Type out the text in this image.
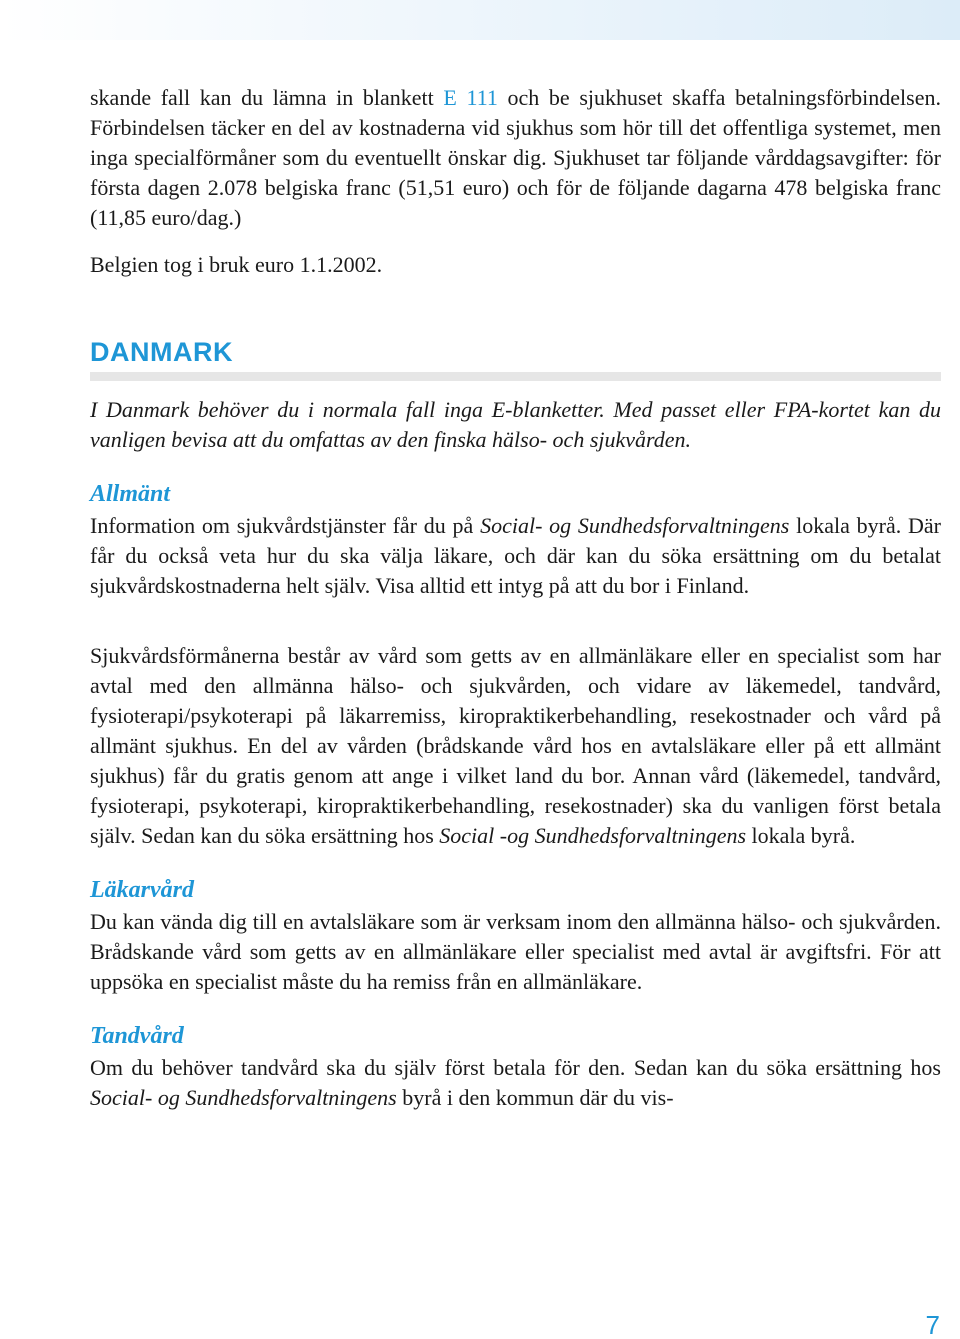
skande fall kan du lämna in blankett E 111 och be sjukhuset skaffa betalningsförbindelsen. Förbindelsen täcker en del av kostnaderna vid sjukhus som hör till det offentliga systemet, men inga specialförmåner som du eventuellt önskar dig. Sjukhuset tar följande vårddagsavgifter: för första dagen 2.078 belgiska franc (51,51 euro) och för de följande dagarna 478 belgiska franc (11,85 euro/dag.)

Belgien tog i bruk euro 1.1.2002.

DANMARK

I Danmark behöver du i normala fall inga E-blanketter. Med passet eller FPA-kortet kan du vanligen bevisa att du omfattas av den finska hälso- och sjukvården.

Allmänt

Information om sjukvårdstjänster får du på Social- og Sundhedsforvaltningens lokala byrå. Där får du också veta hur du ska välja läkare, och där kan du söka ersättning om du betalat sjukvårdskostnaderna helt själv. Visa alltid ett intyg på att du bor i Finland.

Sjukvårdsförmånerna består av vård som getts av en allmänläkare eller en specialist som har avtal med den allmänna hälso- och sjukvården, och vidare av läkemedel, tandvård, fysioterapi/psykoterapi på läkarremiss, kiropraktikerbehandling, resekostnader och vård på allmänt sjukhus. En del av vården (brådskande vård hos en avtalsläkare eller på ett allmänt sjukhus) får du gratis genom att ange i vilket land du bor. Annan vård (läkemedel, tandvård, fysioterapi, psykoterapi, kiropraktikerbehandling, resekostnader) ska du vanligen först betala själv. Sedan kan du söka ersättning hos Social -og Sundhedsforvaltningens lokala byrå.

Läkarvård

Du kan vända dig till en avtalsläkare som är verksam inom den allmänna hälso- och sjukvården. Brådskande vård som getts av en allmänläkare eller specialist med avtal är avgiftsfri. För att uppsöka en specialist måste du ha remiss från en allmänläkare.

Tandvård

Om du behöver tandvård ska du själv först betala för den. Sedan kan du söka ersättning hos Social- og Sundhedsforvaltningens byrå i den kommun där du vis-

7
